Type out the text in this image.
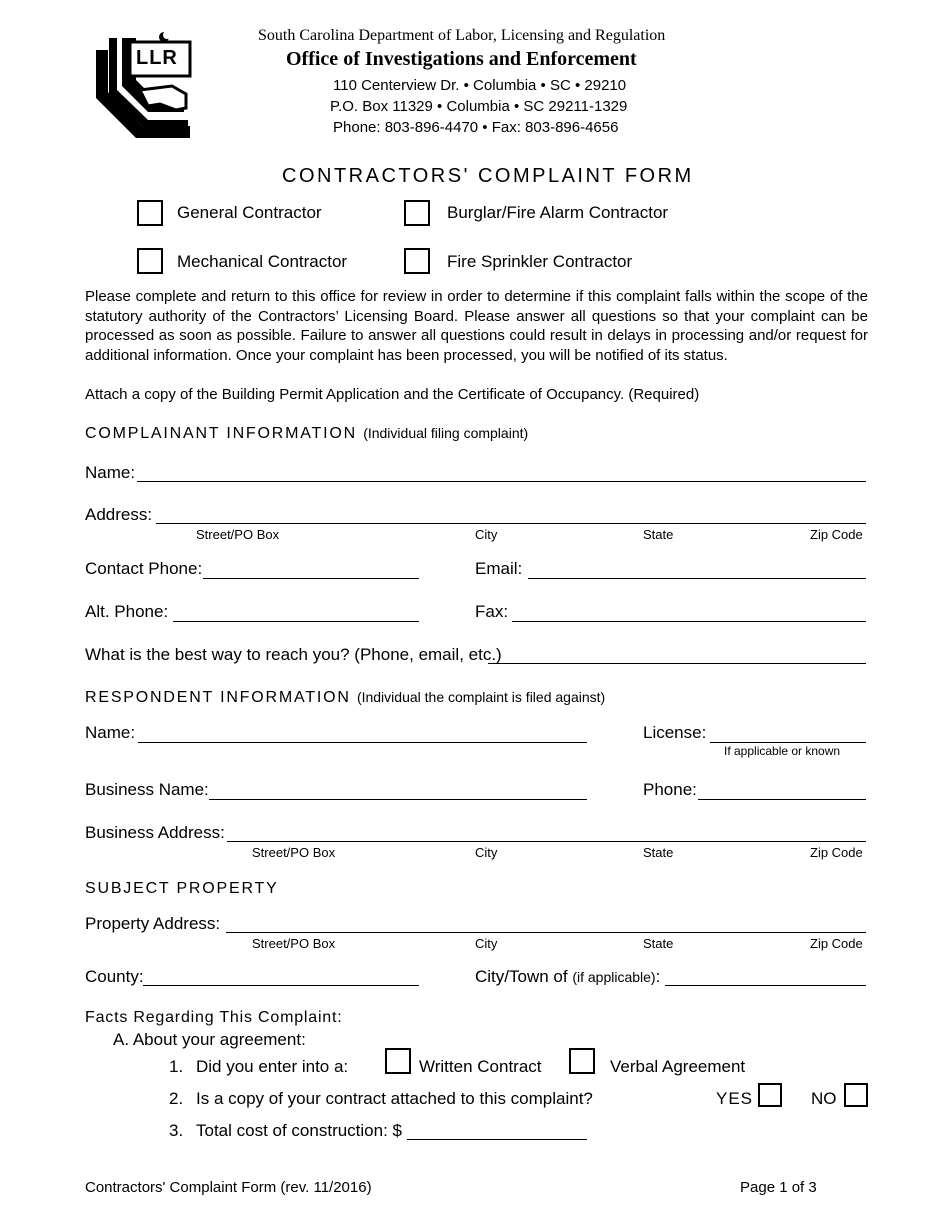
LLR
South Carolina Department of Labor, Licensing and Regulation
Office of Investigations and Enforcement
110 Centerview Dr. • Columbia • SC • 29210
P.O. Box 11329 • Columbia • SC 29211-1329
Phone: 803-896-4470 • Fax: 803-896-4656
CONTRACTORS' COMPLAINT FORM
General Contractor	Burglar/Fire Alarm Contractor
Mechanical Contractor	Fire Sprinkler Contractor
Please complete and return to this office for review in order to determine if this complaint falls within the scope of the statutory authority of the Contractors’ Licensing Board. Please answer all questions so that your complaint can be processed as soon as possible. Failure to answer all questions could result in delays in processing and/or request for additional information. Once your complaint has been processed, you will be notified of its status.
Attach a copy of the Building Permit Application and the Certificate of Occupancy. (Required)
COMPLAINANT INFORMATION (Individual filing complaint)
Name:
Address:
Street/PO Box	City	State	Zip Code
Contact Phone:	Email:
Alt. Phone:	Fax:
What is the best way to reach you? (Phone, email, etc.)
RESPONDENT INFORMATION (Individual the complaint is filed against)
Name:	License:
If applicable or known
Business Name:	Phone:
Business Address:
Street/PO Box	City	State	Zip Code
SUBJECT PROPERTY
Property Address:
Street/PO Box	City	State	Zip Code
County:	City/Town of (if applicable):
Facts Regarding This Complaint:
A. About your agreement:
1. Did you enter into a:	Written Contract	Verbal Agreement
2. Is a copy of your contract attached to this complaint?	YES	NO
3. Total cost of construction: $
Contractors' Complaint Form (rev. 11/2016)	Page 1 of 3
